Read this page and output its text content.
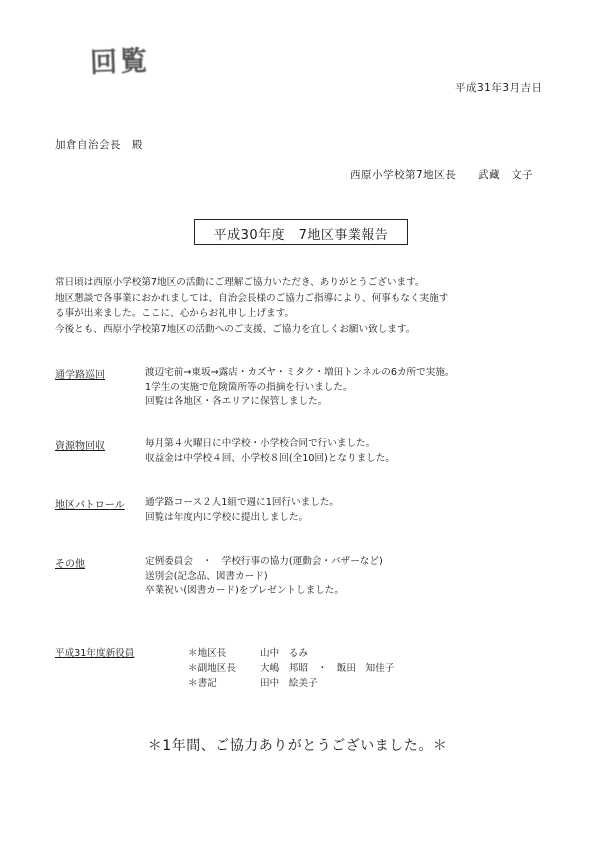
回覧
平成31年3月吉日
加倉自治会長　殿
西原小学校第7地区長　　武藏　文子
平成30年度　7地区事業報告

常日頃は西原小学校第7地区の活動にご理解ご協力いただき、ありがとうございます。

地区懇談で各事業におかれましては、自治会長様のご協力ご指導により、何事もなく実施す

る事が出来ました。ここに、心からお礼申し上げます。

今後とも、西原小学校第7地区の活動へのご支援、ご協力を宜しくお願い致します。

通学路巡回	渡辺宅前→東坂→露店・カズヤ・ミタク・増田トンネルの6カ所で実施。

1学生の実施で危険箇所等の指摘を行いました。

回覧は各地区・各エリアに保管しました。

資源物回収	毎月第４火曜日に中学校・小学校合同で行いました。

収益金は中学校４回、小学校８回(全10回)となりました。

地区パトロール 通学路コース２人1組で週に1回行いました。

回覧は年度内に学校に提出しました。

その他	定例委員会　・　学校行事の協力(運動会・バザーなど)

送別会(記念品、図書カード)

卒業祝い(図書カード)をプレゼントしました。

平成31年度新役員	＊地区長	山中　るみ
＊副地区長	大嶋　邦昭　・　飯田　知佳子
＊書記	田中　絵美子
＊1年間、ご協力ありがとうございました。＊
